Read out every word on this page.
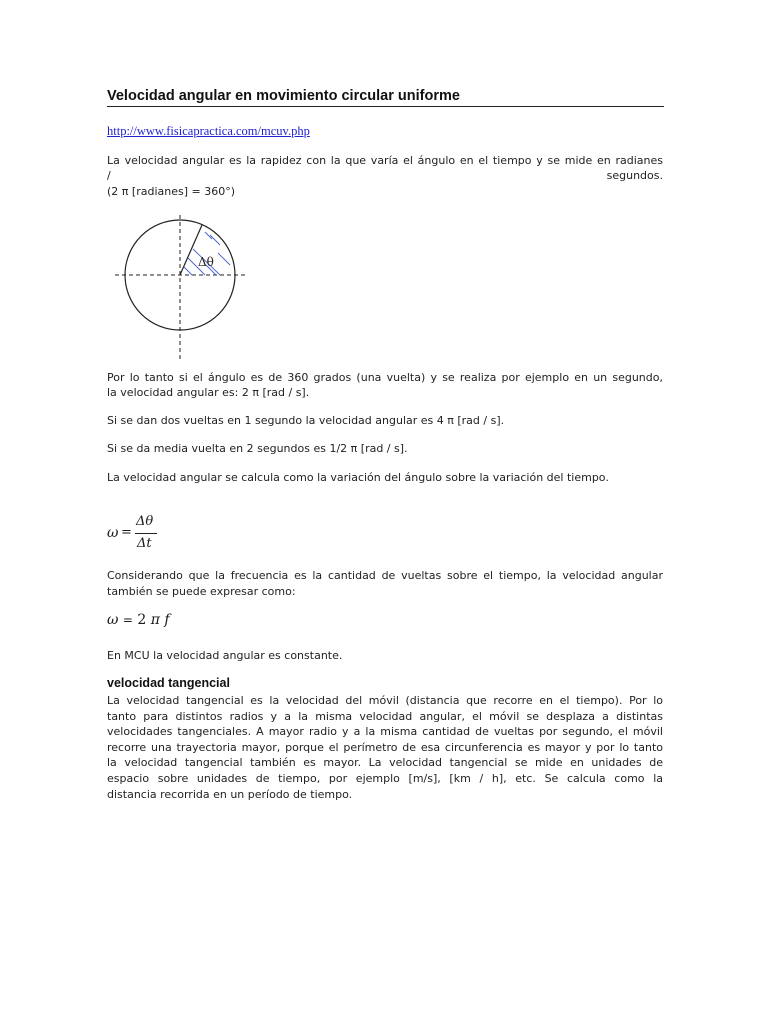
Velocidad angular en movimiento circular uniforme
http://www.fisicapractica.com/mcuv.php
La velocidad angular es la rapidez con la que varía el ángulo en el tiempo y se mide en radianes
/	segundos.
(2 π [radianes] = 360°)
Δθ
Por lo tanto si el ángulo es de 360 grados (una vuelta) y se realiza por ejemplo en un segundo,
la velocidad angular es: 2 π [rad / s].
Si se dan dos vueltas en 1 segundo la velocidad angular es 4 π [rad / s].
Si se da media vuelta en 2 segundos es 1/2 π [rad / s].
La velocidad angular se calcula como la variación del ángulo sobre la variación del tiempo.
ω =
Δθ
Δt
Considerando que la frecuencia es la cantidad de vueltas sobre el tiempo, la velocidad angular
también se puede expresar como:
ω = 2 π f
En MCU la velocidad angular es constante.
velocidad tangencial
La velocidad tangencial es la velocidad del móvil (distancia que recorre en el tiempo). Por lo
tanto para distintos radios y a la misma velocidad angular, el móvil se desplaza a distintas
velocidades tangenciales. A mayor radio y a la misma cantidad de vueltas por segundo, el móvil
recorre una trayectoria mayor, porque el perímetro de esa circunferencia es mayor y por lo tanto
la velocidad tangencial también es mayor. La velocidad tangencial se mide en unidades de
espacio sobre unidades de tiempo, por ejemplo [m/s], [km / h], etc. Se calcula como la
distancia recorrida en un período de tiempo.
